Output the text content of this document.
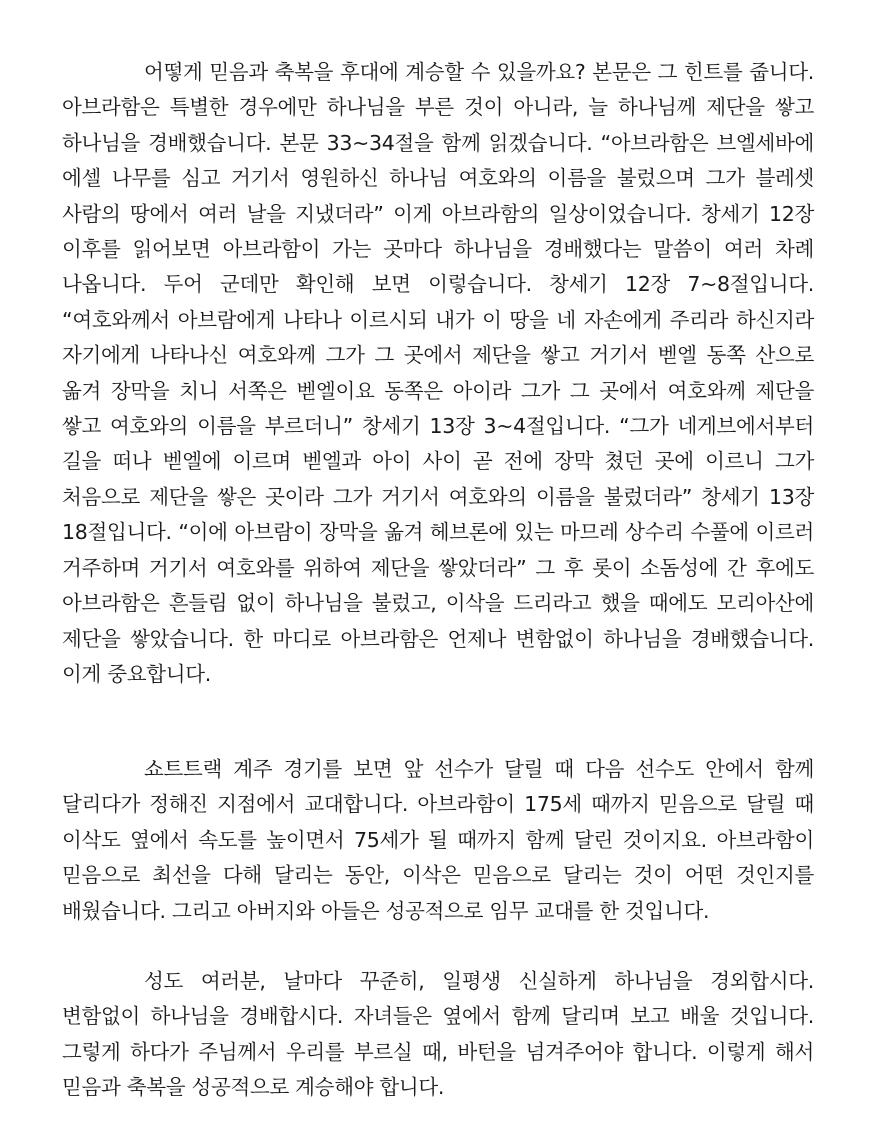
어떻게 믿음과 축복을 후대에 계승할 수 있을까요? 본문은 그 힌트를 줍니다. 아브라함은 특별한 경우에만 하나님을 부른 것이 아니라, 늘 하나님께 제단을 쌓고 하나님을 경배했습니다. 본문 33~34절을 함께 읽겠습니다. “아브라함은 브엘세바에 에셀 나무를 심고 거기서 영원하신 하나님 여호와의 이름을 불렀으며 그가 블레셋 사람의 땅에서 여러 날을 지냈더라” 이게 아브라함의 일상이었습니다. 창세기 12장 이후를 읽어보면 아브라함이 가는 곳마다 하나님을 경배했다는 말씀이 여러 차례 나옵니다. 두어 군데만 확인해 보면 이렇습니다. 창세기 12장 7~8절입니다. “여호와께서 아브람에게 나타나 이르시되 내가 이 땅을 네 자손에게 주리라 하신지라 자기에게 나타나신 여호와께 그가 그 곳에서 제단을 쌓고 거기서 벧엘 동쪽 산으로 옮겨 장막을 치니 서쪽은 벧엘이요 동쪽은 아이라 그가 그 곳에서 여호와께 제단을 쌓고 여호와의 이름을 부르더니” 창세기 13장 3~4절입니다. “그가 네게브에서부터 길을 떠나 벧엘에 이르며 벧엘과 아이 사이 곧 전에 장막 쳤던 곳에 이르니 그가 처음으로 제단을 쌓은 곳이라 그가 거기서 여호와의 이름을 불렀더라” 창세기 13장 18절입니다. “이에 아브람이 장막을 옮겨 헤브론에 있는 마므레 상수리 수풀에 이르러 거주하며 거기서 여호와를 위하여 제단을 쌓았더라” 그 후 롯이 소돔성에 간 후에도 아브라함은 흔들림 없이 하나님을 불렀고, 이삭을 드리라고 했을 때에도 모리아산에 제단을 쌓았습니다. 한 마디로 아브라함은 언제나 변함없이 하나님을 경배했습니다. 이게 중요합니다.

쇼트트랙 계주 경기를 보면 앞 선수가 달릴 때 다음 선수도 안에서 함께 달리다가 정해진 지점에서 교대합니다. 아브라함이 175세 때까지 믿음으로 달릴 때 이삭도 옆에서 속도를 높이면서 75세가 될 때까지 함께 달린 것이지요. 아브라함이 믿음으로 최선을 다해 달리는 동안, 이삭은 믿음으로 달리는 것이 어떤 것인지를 배웠습니다. 그리고 아버지와 아들은 성공적으로 임무 교대를 한 것입니다.

성도 여러분, 날마다 꾸준히, 일평생 신실하게 하나님을 경외합시다. 변함없이 하나님을 경배합시다. 자녀들은 옆에서 함께 달리며 보고 배울 것입니다. 그렇게 하다가 주님께서 우리를 부르실 때, 바턴을 넘겨주어야 합니다. 이렇게 해서 믿음과 축복을 성공적으로 계승해야 합니다.
